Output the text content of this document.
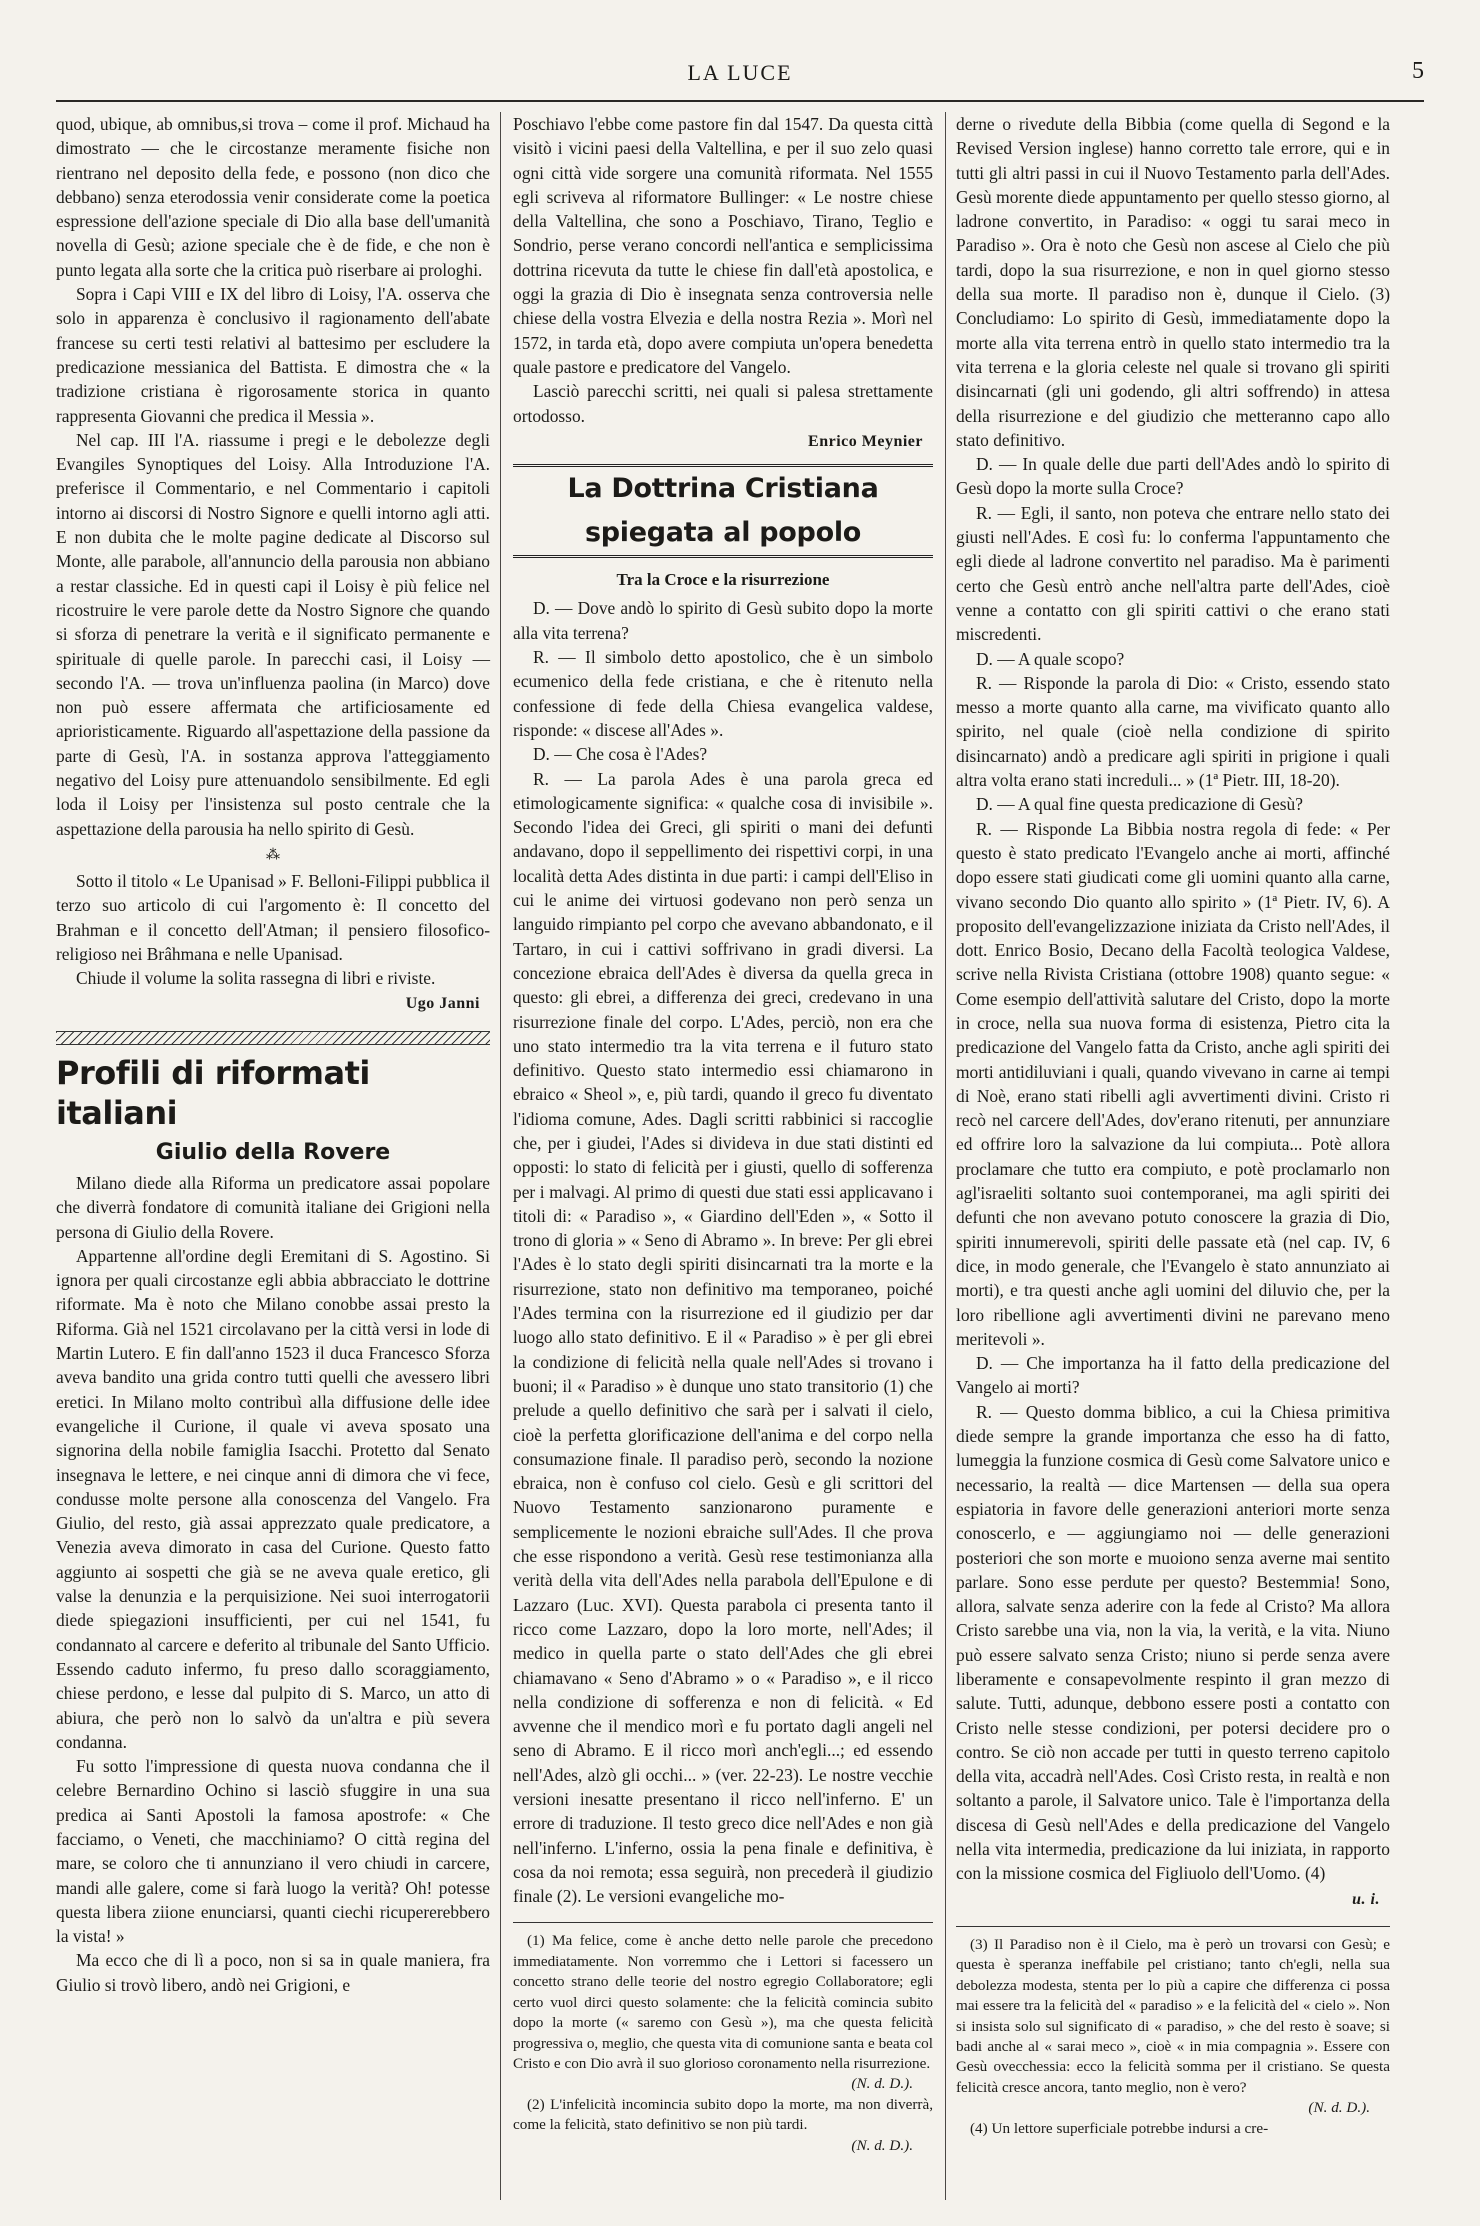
LA LUCE	5

quod, ubique, ab omnibus,si trova – come il prof. Michaud ha dimostrato — che le circostanze meramente fisiche non rientrano nel deposito della fede, e possono (non dico che debbano) senza eterodossia venir considerate come la poetica espressione dell'azione speciale di Dio alla base dell'umanità novella di Gesù; azione speciale che è de fide, e che non è punto legata alla sorte che la critica può riserbare ai prologhi.

Sopra i Capi VIII e IX del libro di Loisy, l'A. osserva che solo in apparenza è conclusivo il ragionamento dell'abate francese su certi testi relativi al battesimo per escludere la predicazione messianica del Battista. E dimostra che « la tradizione cristiana è rigorosamente storica in quanto rappresenta Giovanni che predica il Messia ».

Nel cap. III l'A. riassume i pregi e le debolezze degli Evangiles Synoptiques del Loisy. Alla Introduzione l'A. preferisce il Commentario, e nel Commentario i capitoli intorno ai discorsi di Nostro Signore e quelli intorno agli atti. E non dubita che le molte pagine dedicate al Discorso sul Monte, alle parabole, all'annuncio della parousia non abbiano a restar classiche. Ed in questi capi il Loisy è più felice nel ricostruire le vere parole dette da Nostro Signore che quando si sforza di penetrare la verità e il significato permanente e spirituale di quelle parole. In parecchi casi, il Loisy — secondo l'A. — trova un'influenza paolina (in Marco) dove non può essere affermata che artificiosamente ed aprioristicamente. Riguardo all'aspettazione della passione da parte di Gesù, l'A. in sostanza approva l'atteggiamento negativo del Loisy pure attenuandolo sensibilmente. Ed egli loda il Loisy per l'insistenza sul posto centrale che la aspettazione della parousia ha nello spirito di Gesù.

⁂

Sotto il titolo « Le Upanisad » F. Belloni-Filippi pubblica il terzo suo articolo di cui l'argomento è: Il concetto del Brahman e il concetto dell'Atman; il pensiero filosofico-religioso nei Brâhmana e nelle Upanisad.

Chiude il volume la solita rassegna di libri e riviste.

Ugo Janni
Profili di riformati italiani
Giulio della Rovere

Milano diede alla Riforma un predicatore assai popolare che diverrà fondatore di comunità italiane dei Grigioni nella persona di Giulio della Rovere.

Appartenne all'ordine degli Eremitani di S. Agostino. Si ignora per quali circostanze egli abbia abbracciato le dottrine riformate. Ma è noto che Milano conobbe assai presto la Riforma. Già nel 1521 circolavano per la città versi in lode di Martin Lutero. E fin dall'anno 1523 il duca Francesco Sforza aveva bandito una grida contro tutti quelli che avessero libri eretici. In Milano molto contribuì alla diffusione delle idee evangeliche il Curione, il quale vi aveva sposato una signorina della nobile famiglia Isacchi. Protetto dal Senato insegnava le lettere, e nei cinque anni di dimora che vi fece, condusse molte persone alla conoscenza del Vangelo. Fra Giulio, del resto, già assai apprezzato quale predicatore, a Venezia aveva dimorato in casa del Curione. Questo fatto aggiunto ai sospetti che già se ne aveva quale eretico, gli valse la denunzia e la perquisizione. Nei suoi interrogatorii diede spiegazioni insufficienti, per cui nel 1541, fu condannato al carcere e deferito al tribunale del Santo Ufficio. Essendo caduto infermo, fu preso dallo scoraggiamento, chiese perdono, e lesse dal pulpito di S. Marco, un atto di abiura, che però non lo salvò da un'altra e più severa condanna.

Fu sotto l'impressione di questa nuova condanna che il celebre Bernardino Ochino si lasciò sfuggire in una sua predica ai Santi Apostoli la famosa apostrofe: « Che facciamo, o Veneti, che macchiniamo? O città regina del mare, se coloro che ti annunziano il vero chiudi in carcere, mandi alle galere, come si farà luogo la verità? Oh! potesse questa libera ziione enunciarsi, quanti ciechi ricupererebbero la vista! »

Ma ecco che di lì a poco, non si sa in quale maniera, fra Giulio si trovò libero, andò nei Grigioni, e

Poschiavo l'ebbe come pastore fin dal 1547. Da questa città visitò i vicini paesi della Valtellina, e per il suo zelo quasi ogni città vide sorgere una comunità riformata. Nel 1555 egli scriveva al riformatore Bullinger: « Le nostre chiese della Valtellina, che sono a Poschiavo, Tirano, Teglio e Sondrio, perse verano concordi nell'antica e semplicissima dottrina ricevuta da tutte le chiese fin dall'età apostolica, e oggi la grazia di Dio è insegnata senza controversia nelle chiese della vostra Elvezia e della nostra Rezia ». Morì nel 1572, in tarda età, dopo avere compiuta un'opera benedetta quale pastore e predicatore del Vangelo.

Lasciò parecchi scritti, nei quali si palesa strettamente ortodosso.

Enrico Meynier
La Dottrina Cristiana spiegata al popolo
Tra la Croce e la risurrezione

D. — Dove andò lo spirito di Gesù subito dopo la morte alla vita terrena?

R. — Il simbolo detto apostolico, che è un simbolo ecumenico della fede cristiana, e che è ritenuto nella confessione di fede della Chiesa evangelica valdese, risponde: « discese all'Ades ».

D. — Che cosa è l'Ades?

R. — La parola Ades è una parola greca ed etimologicamente significa: « qualche cosa di invisibile ». Secondo l'idea dei Greci, gli spiriti o mani dei defunti andavano, dopo il seppellimento dei rispettivi corpi, in una località detta Ades distinta in due parti: i campi dell'Eliso in cui le anime dei virtuosi godevano non però senza un languido rimpianto pel corpo che avevano abbandonato, e il Tartaro, in cui i cattivi soffrivano in gradi diversi. La concezione ebraica dell'Ades è diversa da quella greca in questo: gli ebrei, a differenza dei greci, credevano in una risurrezione finale del corpo. L'Ades, perciò, non era che uno stato intermedio tra la vita terrena e il futuro stato definitivo. Questo stato intermedio essi chiamarono in ebraico « Sheol », e, più tardi, quando il greco fu diventato l'idioma comune, Ades. Dagli scritti rabbinici si raccoglie che, per i giudei, l'Ades si divideva in due stati distinti ed opposti: lo stato di felicità per i giusti, quello di sofferenza per i malvagi. Al primo di questi due stati essi applicavano i titoli di: « Paradiso », « Giardino dell'Eden », « Sotto il trono di gloria » « Seno di Abramo ». In breve: Per gli ebrei l'Ades è lo stato degli spiriti disincarnati tra la morte e la risurrezione, stato non definitivo ma temporaneo, poiché l'Ades termina con la risurrezione ed il giudizio per dar luogo allo stato definitivo. E il « Paradiso » è per gli ebrei la condizione di felicità nella quale nell'Ades si trovano i buoni; il « Paradiso » è dunque uno stato transitorio (1) che prelude a quello definitivo che sarà per i salvati il cielo, cioè la perfetta glorificazione dell'anima e del corpo nella consumazione finale. Il paradiso però, secondo la nozione ebraica, non è confuso col cielo. Gesù e gli scrittori del Nuovo Testamento sanzionarono puramente e semplicemente le nozioni ebraiche sull'Ades. Il che prova che esse rispondono a verità. Gesù rese testimonianza alla verità della vita dell'Ades nella parabola dell'Epulone e di Lazzaro (Luc. XVI). Questa parabola ci presenta tanto il ricco come Lazzaro, dopo la loro morte, nell'Ades; il medico in quella parte o stato dell'Ades che gli ebrei chiamavano « Seno d'Abramo » o « Paradiso », e il ricco nella condizione di sofferenza e non di felicità. « Ed avvenne che il mendico morì e fu portato dagli angeli nel seno di Abramo. E il ricco morì anch'egli...; ed essendo nell'Ades, alzò gli occhi... » (ver. 22-23). Le nostre vecchie versioni inesatte presentano il ricco nell'inferno. E' un errore di traduzione. Il testo greco dice nell'Ades e non già nell'inferno. L'inferno, ossia la pena finale e definitiva, è cosa da noi remota; essa seguirà, non precederà il giudizio finale (2). Le versioni evangeliche mo-

(1) Ma felice, come è anche detto nelle parole che precedono immediatamente. Non vorremmo che i Lettori si facessero un concetto strano delle teorie del nostro egregio Collaboratore; egli certo vuol dirci questo solamente: che la felicità comincia subito dopo la morte (« saremo con Gesù »), ma che questa felicità progressiva o, meglio, che questa vita di comunione santa e beata col Cristo e con Dio avrà il suo glorioso coronamento nella risurrezione.

(N. d. D.).

(2) L'infelicità incomincia subito dopo la morte, ma non diverrà, come la felicità, stato definitivo se non più tardi.

(N. d. D.).

derne o rivedute della Bibbia (come quella di Segond e la Revised Version inglese) hanno corretto tale errore, qui e in tutti gli altri passi in cui il Nuovo Testamento parla dell'Ades. Gesù morente diede appuntamento per quello stesso giorno, al ladrone convertito, in Paradiso: « oggi tu sarai meco in Paradiso ». Ora è noto che Gesù non ascese al Cielo che più tardi, dopo la sua risurrezione, e non in quel giorno stesso della sua morte. Il paradiso non è, dunque il Cielo. (3) Concludiamo: Lo spirito di Gesù, immediatamente dopo la morte alla vita terrena entrò in quello stato intermedio tra la vita terrena e la gloria celeste nel quale si trovano gli spiriti disincarnati (gli uni godendo, gli altri soffrendo) in attesa della risurrezione e del giudizio che metteranno capo allo stato definitivo.

D. — In quale delle due parti dell'Ades andò lo spirito di Gesù dopo la morte sulla Croce?

R. — Egli, il santo, non poteva che entrare nello stato dei giusti nell'Ades. E così fu: lo conferma l'appuntamento che egli diede al ladrone convertito nel paradiso. Ma è parimenti certo che Gesù entrò anche nell'altra parte dell'Ades, cioè venne a contatto con gli spiriti cattivi o che erano stati miscredenti.

D. — A quale scopo?

R. — Risponde la parola di Dio: « Cristo, essendo stato messo a morte quanto alla carne, ma vivificato quanto allo spirito, nel quale (cioè nella condizione di spirito disincarnato) andò a predicare agli spiriti in prigione i quali altra volta erano stati increduli... » (1ª Pietr. III, 18-20).

D. — A qual fine questa predicazione di Gesù?

R. — Risponde La Bibbia nostra regola di fede: « Per questo è stato predicato l'Evangelo anche ai morti, affinché dopo essere stati giudicati come gli uomini quanto alla carne, vivano secondo Dio quanto allo spirito » (1ª Pietr. IV, 6). A proposito dell'evangelizzazione iniziata da Cristo nell'Ades, il dott. Enrico Bosio, Decano della Facoltà teologica Valdese, scrive nella Rivista Cristiana (ottobre 1908) quanto segue: « Come esempio dell'attività salutare del Cristo, dopo la morte in croce, nella sua nuova forma di esistenza, Pietro cita la predicazione del Vangelo fatta da Cristo, anche agli spiriti dei morti antidiluviani i quali, quando vivevano in carne ai tempi di Noè, erano stati ribelli agli avvertimenti divini. Cristo ri recò nel carcere dell'Ades, dov'erano ritenuti, per annunziare ed offrire loro la salvazione da lui compiuta... Potè allora proclamare che tutto era compiuto, e potè proclamarlo non agl'israeliti soltanto suoi contemporanei, ma agli spiriti dei defunti che non avevano potuto conoscere la grazia di Dio, spiriti innumerevoli, spiriti delle passate età (nel cap. IV, 6 dice, in modo generale, che l'Evangelo è stato annunziato ai morti), e tra questi anche agli uomini del diluvio che, per la loro ribellione agli avvertimenti divini ne parevano meno meritevoli ».

D. — Che importanza ha il fatto della predicazione del Vangelo ai morti?

R. — Questo domma biblico, a cui la Chiesa primitiva diede sempre la grande importanza che esso ha di fatto, lumeggia la funzione cosmica di Gesù come Salvatore unico e necessario, la realtà — dice Martensen — della sua opera espiatoria in favore delle generazioni anteriori morte senza conoscerlo, e — aggiungiamo noi — delle generazioni posteriori che son morte e muoiono senza averne mai sentito parlare. Sono esse perdute per questo? Bestemmia! Sono, allora, salvate senza aderire con la fede al Cristo? Ma allora Cristo sarebbe una via, non la via, la verità, e la vita. Niuno può essere salvato senza Cristo; niuno si perde senza avere liberamente e consapevolmente respinto il gran mezzo di salute. Tutti, adunque, debbono essere posti a contatto con Cristo nelle stesse condizioni, per potersi decidere pro o contro. Se ciò non accade per tutti in questo terreno capitolo della vita, accadrà nell'Ades. Così Cristo resta, in realtà e non soltanto a parole, il Salvatore unico. Tale è l'importanza della discesa di Gesù nell'Ades e della predicazione del Vangelo nella vita intermedia, predicazione da lui iniziata, in rapporto con la missione cosmica del Figliuolo dell'Uomo. (4)

u. i.

(3) Il Paradiso non è il Cielo, ma è però un trovarsi con Gesù; e questa è speranza ineffabile pel cristiano; tanto ch'egli, nella sua debolezza modesta, stenta per lo più a capire che differenza ci possa mai essere tra la felicità del « paradiso » e la felicità del « cielo ». Non si insista solo sul significato di « paradiso, » che del resto è soave; si badi anche al « sarai meco », cioè « in mia compagnia ». Essere con Gesù ovecchessia: ecco la felicità somma per il cristiano. Se questa felicità cresce ancora, tanto meglio, non è vero?

(N. d. D.).

(4) Un lettore superficiale potrebbe indursi a cre-
